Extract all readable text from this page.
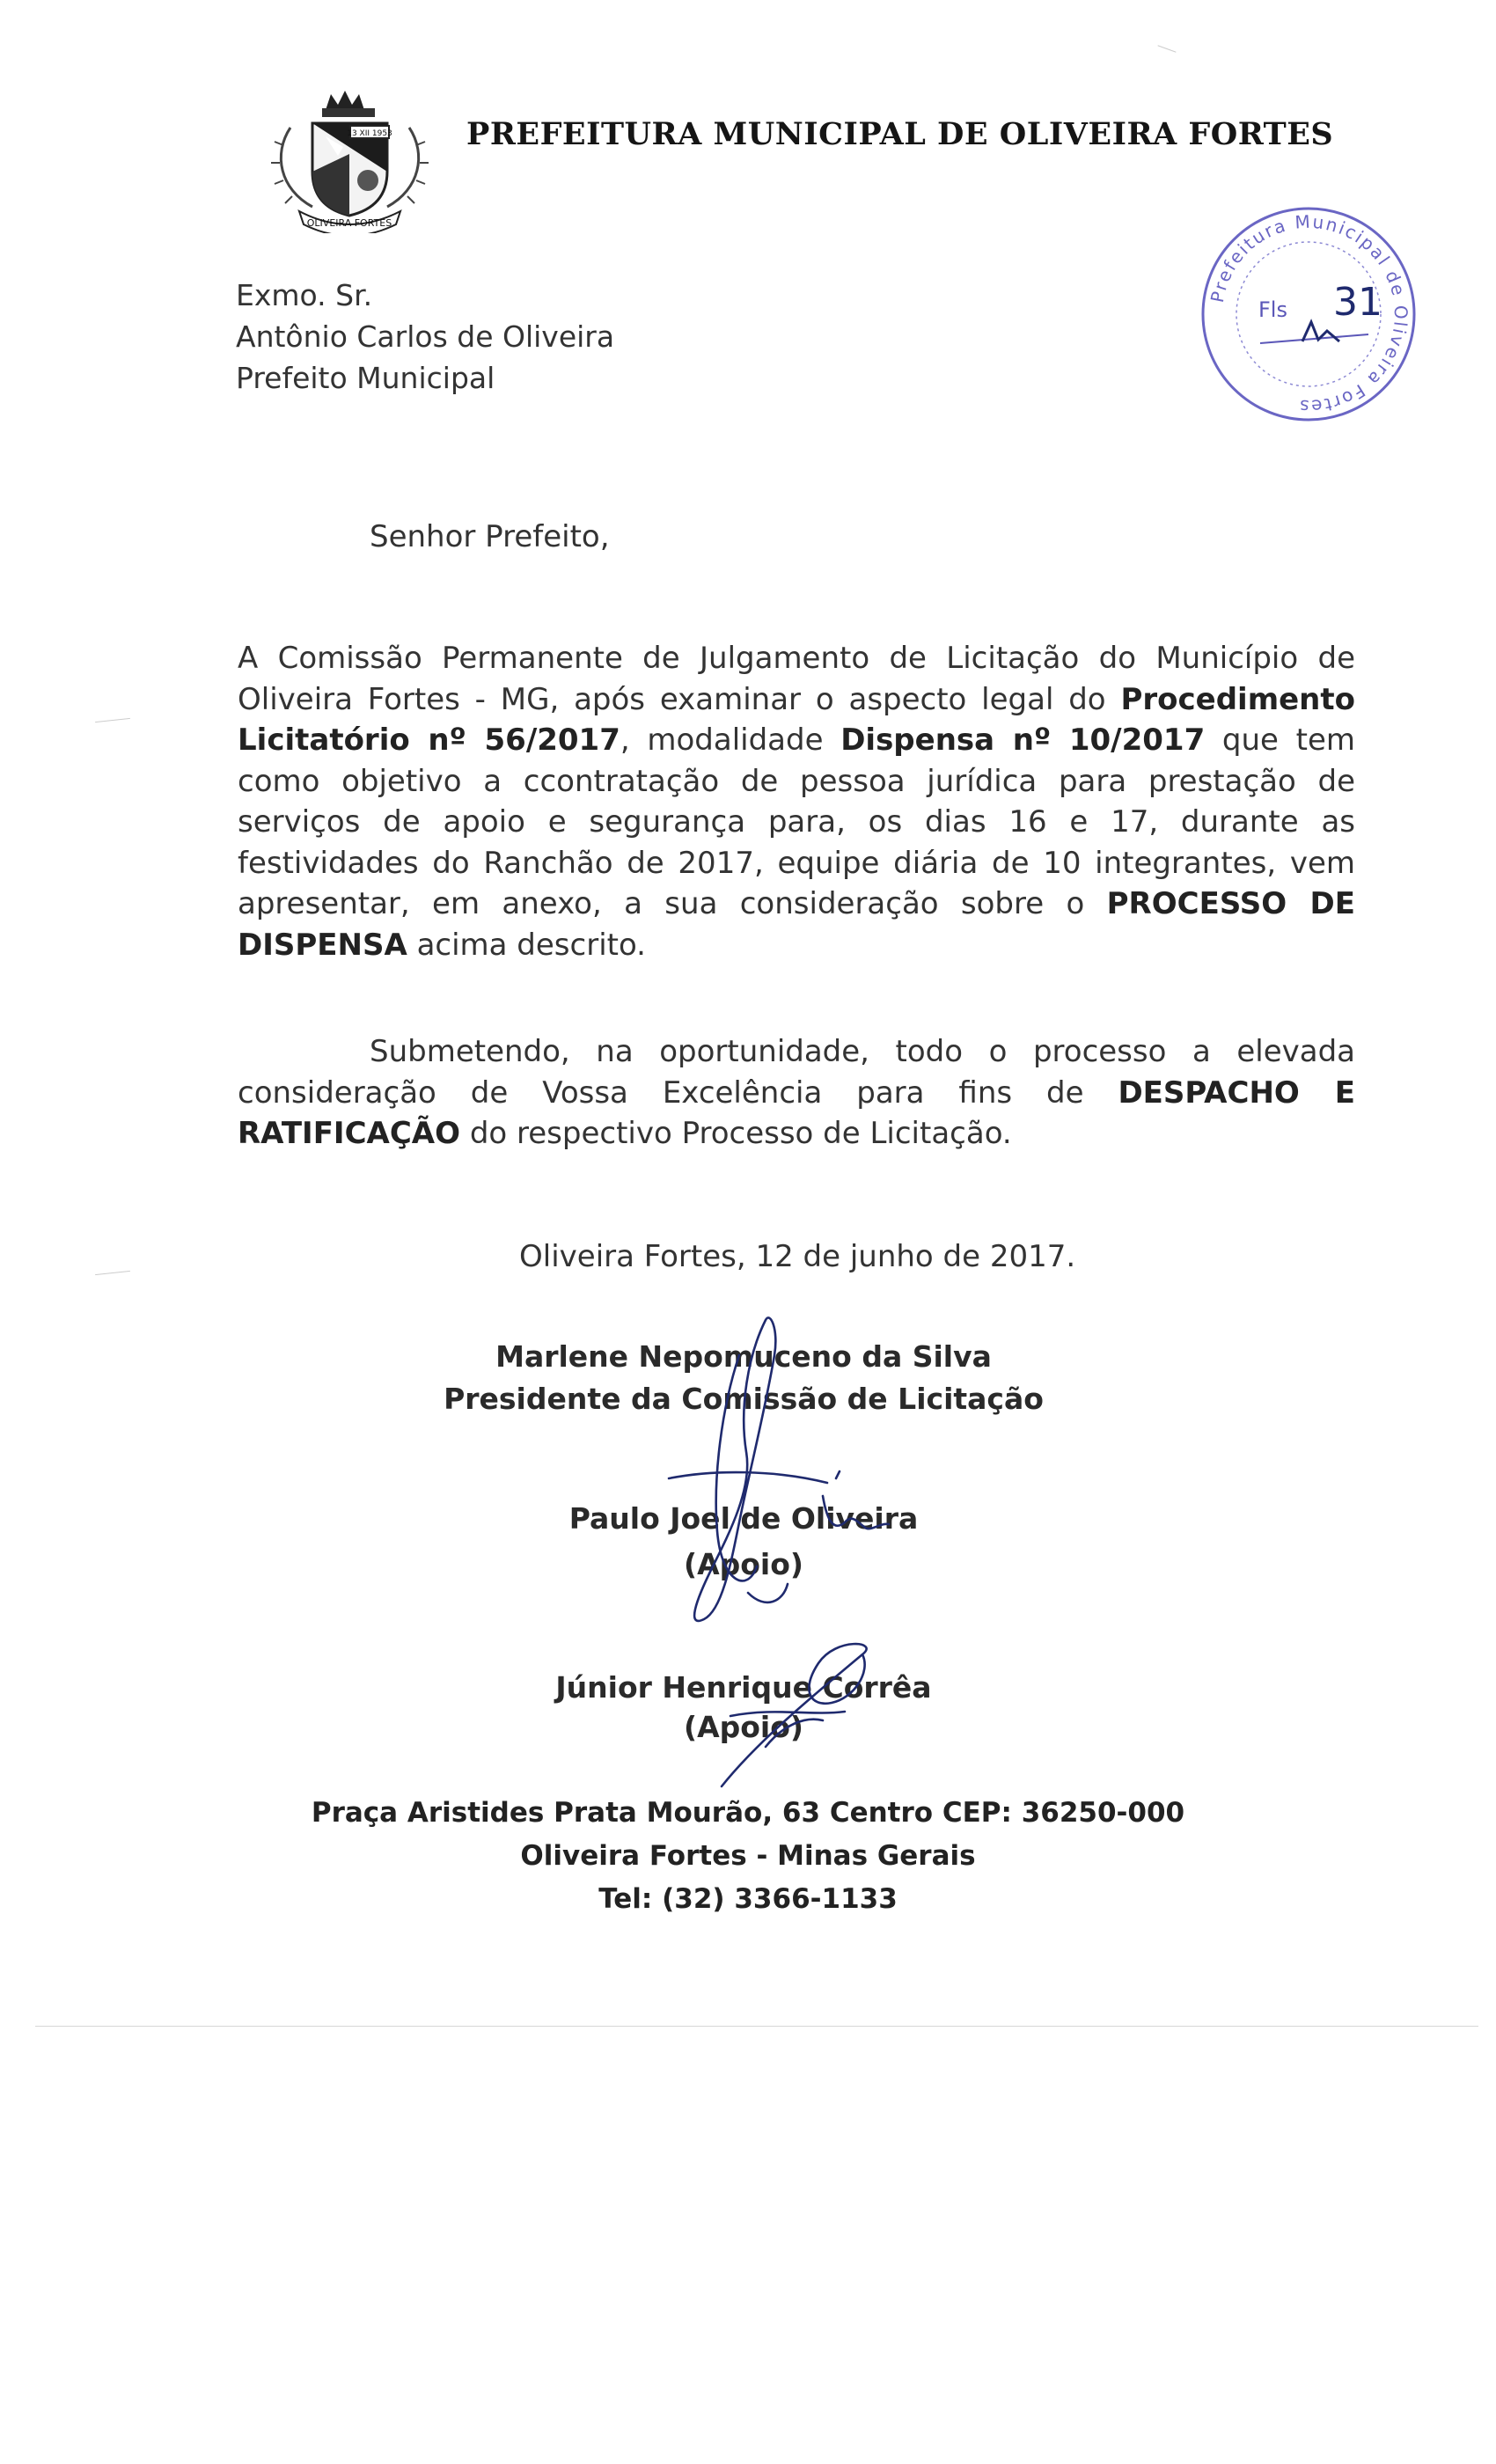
13 XII 1953
OLIVEIRA FORTES
PREFEITURA MUNICIPAL DE OLIVEIRA FORTES
Prefeitura Municipal de Oliveira Fortes
Fls 31
Exmo. Sr.
Antônio Carlos de Oliveira
Prefeito Municipal
Senhor Prefeito,
A Comissão Permanente de Julgamento de Licitação do Município de Oliveira Fortes - MG, após examinar o aspecto legal do Procedimento Licitatório nº 56/2017, modalidade Dispensa nº 10/2017 que tem como objetivo a ccontratação de pessoa jurídica para prestação de serviços de apoio e segurança para, os dias 16 e 17, durante as festividades do Ranchão de 2017, equipe diária de 10 integrantes, vem apresentar, em anexo, a sua consideração sobre o PROCESSO DE DISPENSA acima descrito.
Submetendo, na oportunidade, todo o processo a elevada consideração de Vossa Excelência para fins de DESPACHO E RATIFICAÇÃO do respectivo Processo de Licitação.
Oliveira Fortes, 12 de junho de 2017.
Marlene Nepomuceno da Silva
Presidente da Comissão de Licitação
Paulo Joel de Oliveira
(Apoio)
Júnior Henrique Corrêa
(Apoio)
Praça Aristides Prata Mourão, 63 Centro CEP: 36250-000
Oliveira Fortes - Minas Gerais
Tel: (32) 3366-1133
